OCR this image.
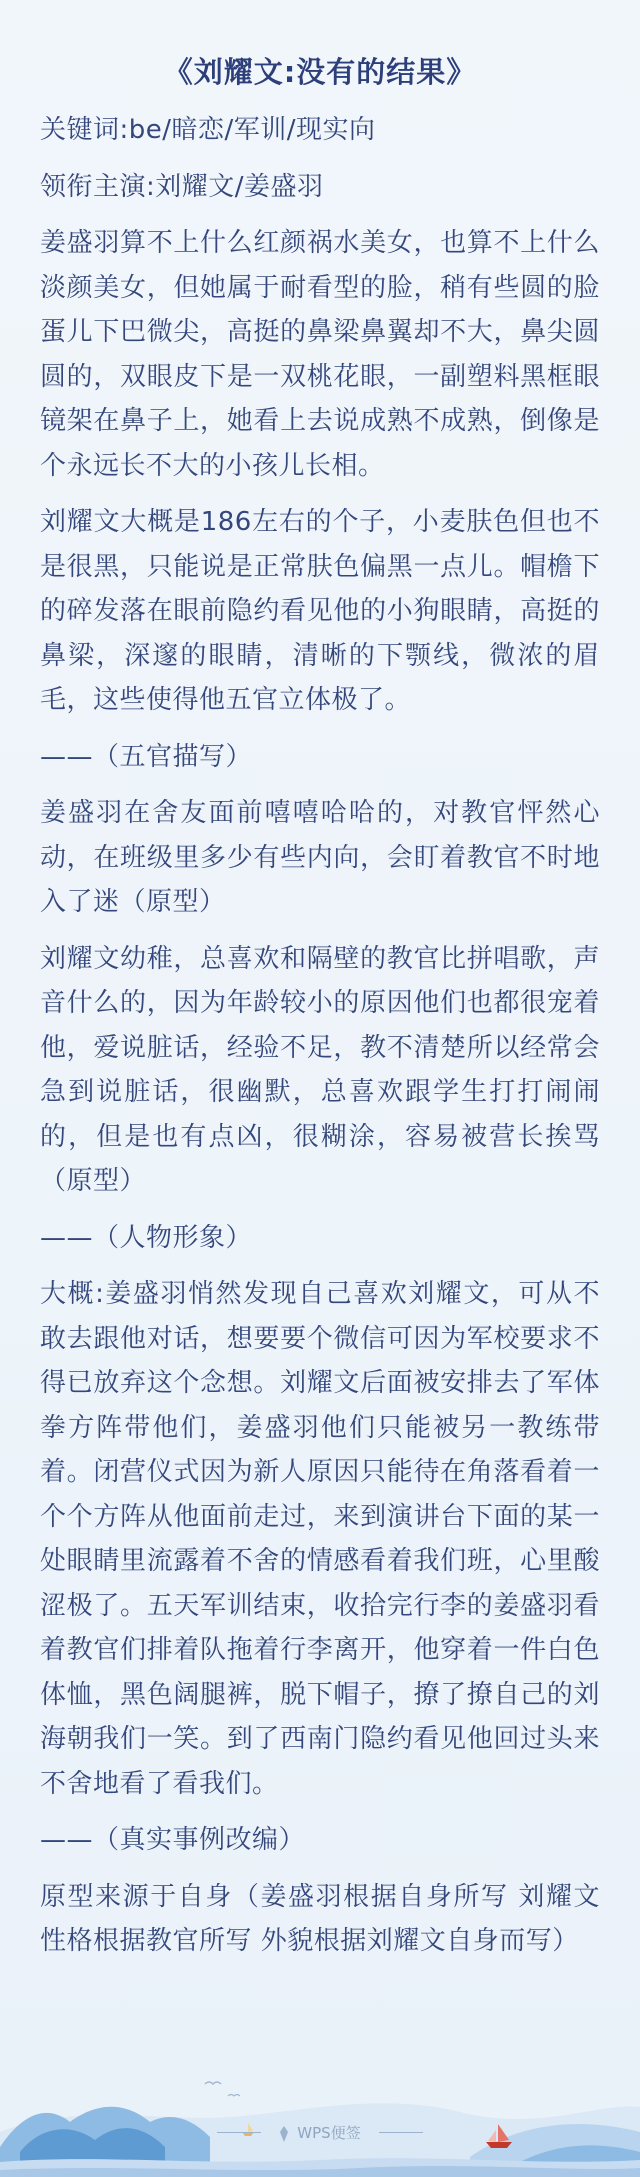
《刘耀文:没有的结果》

关键词:be/暗恋/军训/现实向

领衔主演:刘耀文/姜盛羽

姜盛羽算不上什么红颜祸水美女，也算不上什么淡颜美女，但她属于耐看型的脸，稍有些圆的脸蛋儿下巴微尖，高挺的鼻梁鼻翼却不大，鼻尖圆圆的，双眼皮下是一双桃花眼，一副塑料黑框眼镜架在鼻子上，她看上去说成熟不成熟，倒像是个永远长不大的小孩儿长相。

刘耀文大概是186左右的个子，小麦肤色但也不是很黑，只能说是正常肤色偏黑一点儿。帽檐下的碎发落在眼前隐约看见他的小狗眼睛，高挺的鼻梁，深邃的眼睛，清晰的下颚线，微浓的眉毛，这些使得他五官立体极了。

——（五官描写）

姜盛羽在舍友面前嘻嘻哈哈的，对教官怦然心动，在班级里多少有些内向，会盯着教官不时地入了迷（原型）

刘耀文幼稚，总喜欢和隔壁的教官比拼唱歌，声音什么的，因为年龄较小的原因他们也都很宠着他，爱说脏话，经验不足，教不清楚所以经常会急到说脏话，很幽默，总喜欢跟学生打打闹闹的，但是也有点凶，很糊涂，容易被营长挨骂（原型）

——（人物形象）

大概:姜盛羽悄然发现自己喜欢刘耀文，可从不敢去跟他对话，想要要个微信可因为军校要求不得已放弃这个念想。刘耀文后面被安排去了军体拳方阵带他们，姜盛羽他们只能被另一教练带着。闭营仪式因为新人原因只能待在角落看着一个个方阵从他面前走过，来到演讲台下面的某一处眼睛里流露着不舍的情感看着我们班，心里酸涩极了。五天军训结束，收拾完行李的姜盛羽看着教官们排着队拖着行李离开，他穿着一件白色体恤，黑色阔腿裤，脱下帽子，撩了撩自己的刘海朝我们一笑。到了西南门隐约看见他回过头来不舍地看了看我们。

——（真实事例改编）

原型来源于自身（姜盛羽根据自身所写 刘耀文性格根据教官所写 外貌根据刘耀文自身而写）

WPS便签
